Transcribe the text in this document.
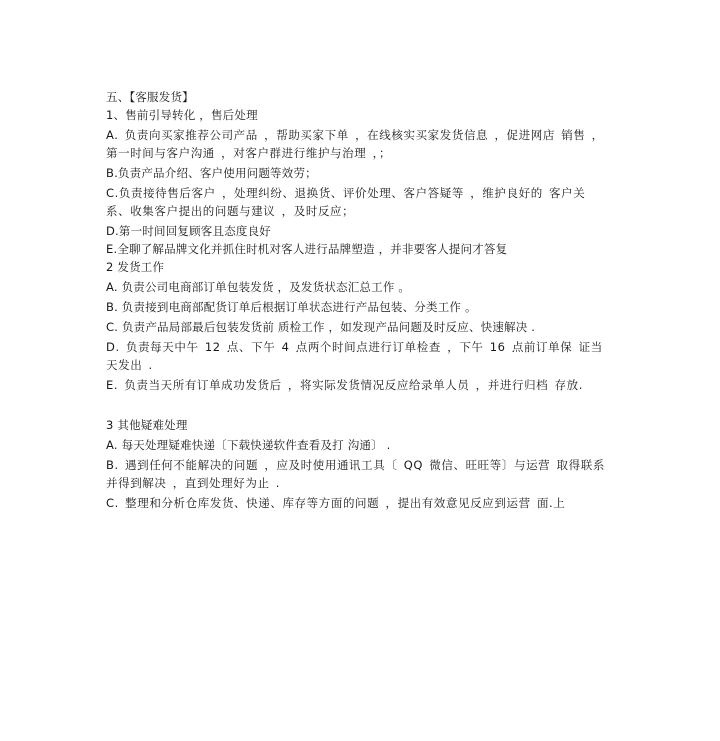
五、【客服发货】
1、售前引导转化 ，售后处理
A. 负责向买家推荐公司产品 ，帮助买家下单 ，在线核实买家发货信息 ，促进网店 销售 ，第一时间与客户沟通 ，对客户群进行维护与治理 ，；
B.负责产品介绍、客户使用问题等效劳；
C.负责接待售后客户 ，处理纠纷、退换货、评价处理、客户答疑等 ，维护良好的 客户关系、收集客户提出的问题与建议 ，及时反应；
D.第一时间回复顾客且态度良好
E.全聊了解品牌文化并抓住时机对客人进行品牌塑造 ，并非要客人提问才答复
2 发货工作
A. 负责公司电商部订单包装发货 ，及发货状态汇总工作 。
B. 负责接到电商部配货订单后根据订单状态进行产品包装、分类工作 。
C. 负责产品局部最后包装发货前 质检工作 ，如发现产品问题及时反应、快速解决 .
D. 负责每天中午 12 点、下午 4 点两个时间点进行订单检查 ，下午 16 点前订单保 证当天发出 .
E. 负责当天所有订单成功发货后 ，将实际发货情况反应给录单人员 ，并进行归档 存放.
3 其他疑难处理
A. 每天处理疑难快递〔下载快递软件查看及打 沟通〕 .
B. 遇到任何不能解决的问题 ，应及时使用通讯工具〔 QQ 微信、旺旺等〕与运营 取得联系并得到解决 ，直到处理好为止 .
C. 整理和分析仓库发货、快递、库存等方面的问题 ，提出有效意见反应到运营 面.上
